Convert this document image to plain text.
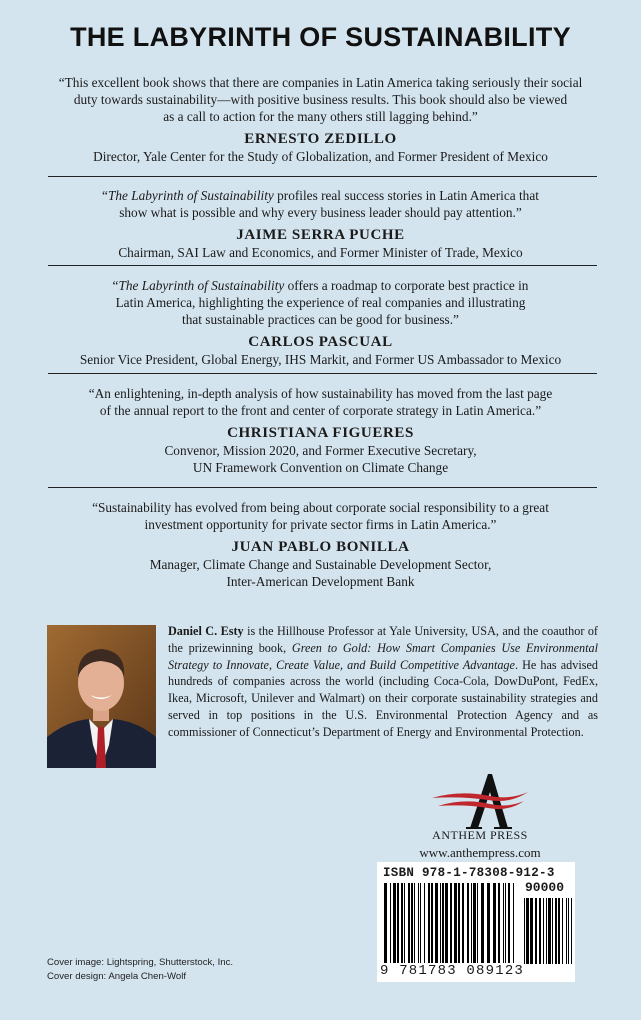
THE LABYRINTH OF SUSTAINABILITY

“This excellent book shows that there are companies in Latin America taking seriously their social
duty towards sustainability—with positive business results. This book should also be viewed
as a call to action for the many others still lagging behind.”

ERNESTO ZEDILLO
Director, Yale Center for the Study of Globalization, and Former President of Mexico

“The Labyrinth of Sustainability profiles real success stories in Latin America that
show what is possible and why every business leader should pay attention.”

JAIME SERRA PUCHE
Chairman, SAI Law and Economics, and Former Minister of Trade, Mexico

“The Labyrinth of Sustainability offers a roadmap to corporate best practice in
Latin America, highlighting the experience of real companies and illustrating
that sustainable practices can be good for business.”

CARLOS PASCUAL
Senior Vice President, Global Energy, IHS Markit, and Former US Ambassador to Mexico

“An enlightening, in-depth analysis of how sustainability has moved from the last page
of the annual report to the front and center of corporate strategy in Latin America.”

CHRISTIANA FIGUERES
Convenor, Mission 2020, and Former Executive Secretary,
UN Framework Convention on Climate Change

“Sustainability has evolved from being about corporate social responsibility to a great
investment opportunity for private sector firms in Latin America.”

JUAN PABLO BONILLA
Manager, Climate Change and Sustainable Development Sector,
Inter-American Development Bank
Daniel C. Esty is the Hillhouse Professor at Yale University, USA, and the coauthor of the prizewinning book, Green to Gold: How Smart Companies Use Environmental Strategy to Innovate, Create Value, and Build Competitive Advantage. He has advised hundreds of companies across the world (including Coca-Cola, DowDuPont, FedEx, Ikea, Microsoft, Unilever and Walmart) on their corporate sustainability strategies and served in top positions in the U.S. Environmental Protection Agency and as commissioner of Connecticut’s Department of Energy and Environmental Protection.
ANTHEM PRESS
www.anthempress.com
ISBN 978-1-78308-912-3
90000
9 781783 089123
Cover image: Lightspring, Shutterstock, Inc.
Cover design: Angela Chen-Wolf
